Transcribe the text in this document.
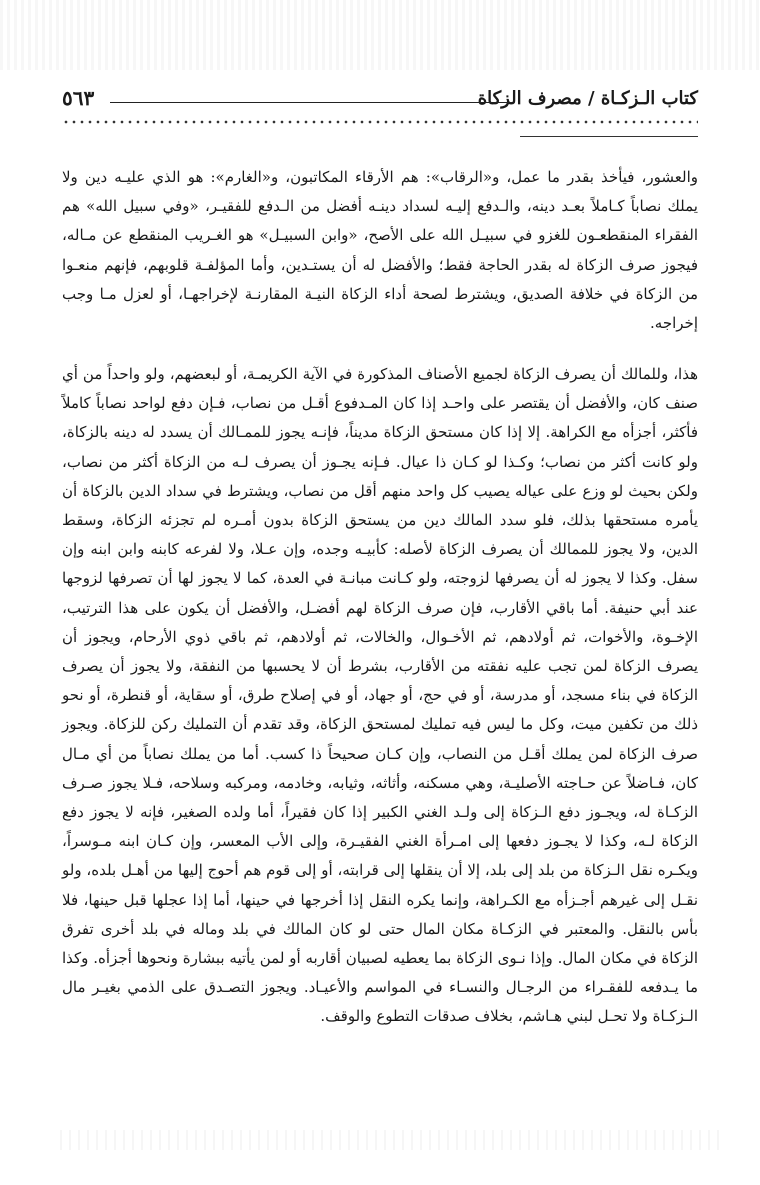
كتاب الـزكـاة / مصرف الزكاة
٥٦٣

والعشور، فيأخذ بقدر ما عمل، و«الرقاب»: هم الأرقاء المكاتبون، و«الغارم»: هو الذي عليـه دين ولا يملك نصاباً كـاملاً بعـد دينه، والـدفع إليـه لسداد دينـه أفضل من الـدفع للفقيـر، «وفي سبيل الله» هم الفقراء المنقطعـون للغزو في سبيـل الله على الأصح، «وابن السبيـل» هو الغـريب المنقطع عن مـاله، فيجوز صرف الزكاة له بقدر الحاجة فقط؛ والأفضل له أن يستـدين، وأما المؤلفـة قلوبهم، فإنهم منعـوا من الزكاة في خلافة الصديق، ويشترط لصحة أداء الزكاة النيـة المقارنـة لإخراجهـا، أو لعزل مـا وجب إخراجه.

هذا، وللمالك أن يصرف الزكاة لجميع الأصناف المذكورة في الآية الكريمـة، أو لبعضهم، ولو واحداً من أي صنف كان، والأفضل أن يقتصر على واحـد إذا كان المـدفوع أقـل من نصاب، فـإن دفع لواحد نصاباً كاملاً فأكثر، أجزأه مع الكراهة. إلا إذا كان مستحق الزكاة مديناً، فإنـه يجوز للممـالك أن يسدد له دينه بالزكاة، ولو كانت أكثر من نصاب؛ وكـذا لو كـان ذا عيال. فـإنه يجـوز أن يصرف لـه من الزكاة أكثر من نصاب، ولكن بحيث لو وزع على عياله يصيب كل واحد منهم أقل من نصاب، ويشترط في سداد الدين بالزكاة أن يأمره مستحقها بذلك، فلو سدد المالك دين من يستحق الزكاة بدون أمـره لم تجزئه الزكاة، وسقط الدين، ولا يجوز للممالك أن يصرف الزكاة لأصله: كأبيـه وجده، وإن عـلا، ولا لفرعه كابنه وابن ابنه وإن سفل. وكذا لا يجوز له أن يصرفها لزوجته، ولو كـانت مبانـة في العدة، كما لا يجوز لها أن تصرفها لزوجها عند أبي حنيفة. أما باقي الأقارب، فإن صرف الزكاة لهم أفضـل، والأفضل أن يكون على هذا الترتيب، الإخـوة، والأخوات، ثم أولادهم، ثم الأخـوال، والخالات، ثم أولادهم، ثم باقي ذوي الأرحام، ويجوز أن يصرف الزكاة لمن تجب عليه نفقته من الأقارب، بشرط أن لا يحسبها من النفقة، ولا يجوز أن يصرف الزكاة في بناء مسجد، أو مدرسة، أو في حج، أو جهاد، أو في إصلاح طرق، أو سقاية، أو قنطرة، أو نحو ذلك من تكفين ميت، وكل ما ليس فيه تمليك لمستحق الزكاة، وقد تقدم أن التمليك ركن للزكاة. ويجوز صرف الزكاة لمن يملك أقـل من النصاب، وإن كـان صحيحاً ذا كسب. أما من يملك نصاباً من أي مـال كان، فـاضلاً عن حـاجته الأصليـة، وهي مسكنه، وأثاثه، وثيابه، وخادمه، ومركبه وسلاحه، فـلا يجوز صـرف الزكـاة له، ويجـوز دفع الـزكاة إلى ولـد الغني الكبير إذا كان فقيراً، أما ولده الصغير، فإنه لا يجوز دفع الزكاة لـه، وكذا لا يجـوز دفعها إلى امـرأة الغني الفقيـرة، وإلى الأب المعسر، وإن كـان ابنه مـوسراً، ويكـره نقل الـزكاة من بلد إلى بلد، إلا أن ينقلها إلى قرابته، أو إلى قوم هم أحوج إليها من أهـل بلده، ولو نقـل إلى غيرهم أجـزأه مع الكـراهة، وإنما يكره النقل إذا أخرجها في حينها، أما إذا عجلها قبل حينها، فلا بأس بالنقل. والمعتبر في الزكـاة مكان المال حتى لو كان المالك في بلد وماله في بلد أخرى تفرق الزكاة في مكان المال. وإذا نـوى الزكاة بما يعطيه لصبيان أقاربه أو لمن يأتيه ببشارة ونحوها أجزأه. وكذا ما يـدفعه للفقـراء من الرجـال والنسـاء في المواسم والأعيـاد. ويجوز التصـدق على الذمي بغيـر مال الـزكـاة ولا تحـل لبني هـاشم، بخلاف صدقات التطوع والوقف.
